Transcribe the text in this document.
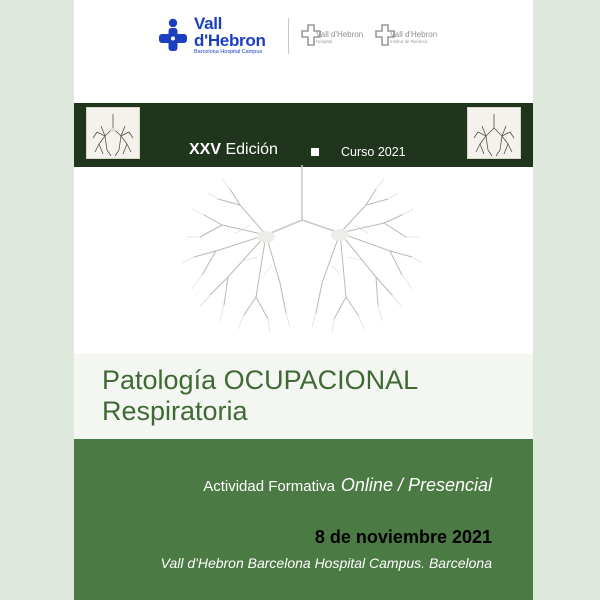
Vall
d'Hebron
Barcelona Hospital Campus
Vall d'Hebron
Hospital
Vall d'Hebron
Institut de Recerca
XXV Edición	Curso 2021
Patología OCUPACIONAL
Respiratoria
Actividad Formativa Online / Presencial
8 de noviembre 2021
Vall d'Hebron Barcelona Hospital Campus. Barcelona
